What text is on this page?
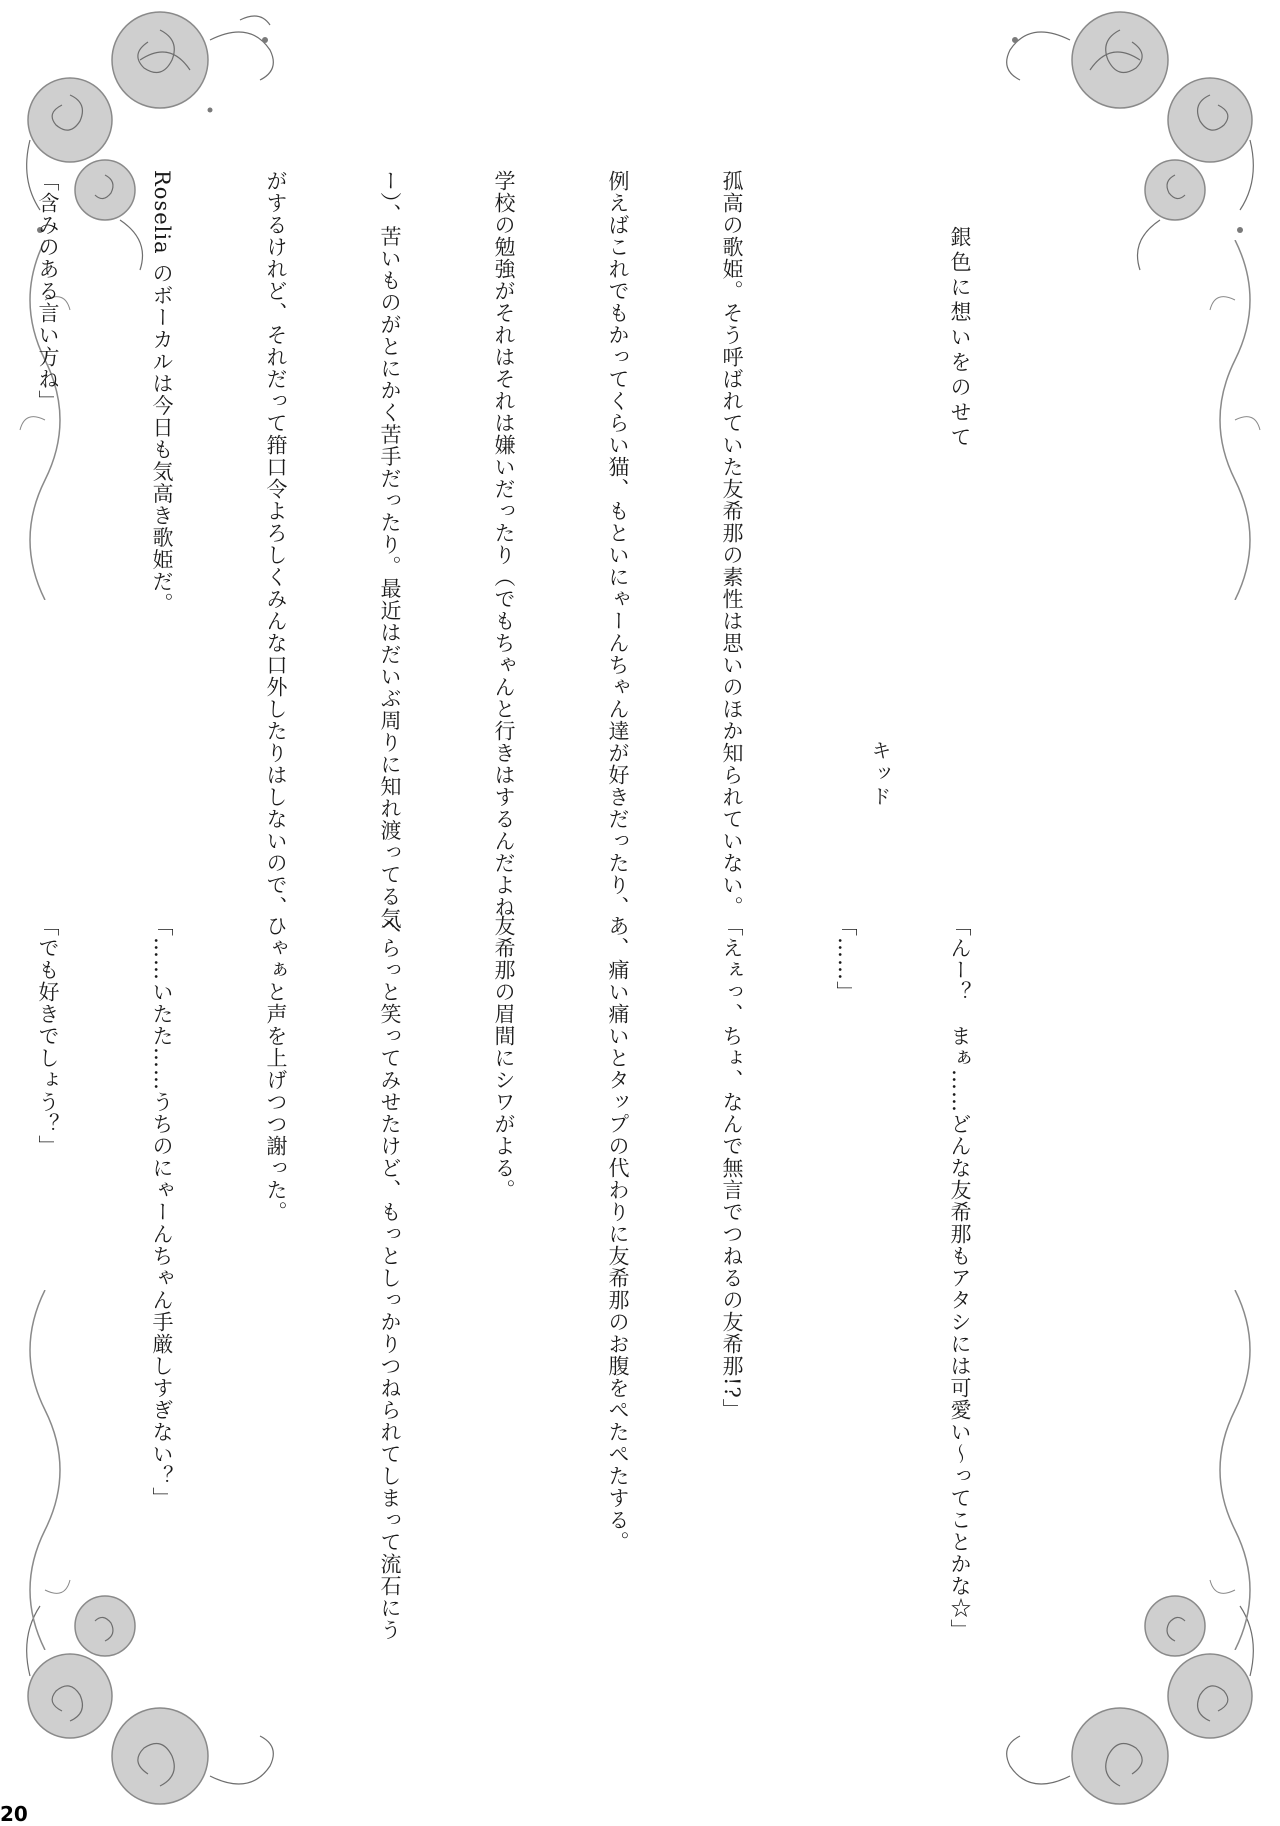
銀色に想いをのせて

孤高の歌姫。そう呼ばれていた友希那の素性は思いのほか知られていない。

例えばこれでもかってくらい猫、もといにゃーんちゃん達が好きだったり、

学校の勉強がそれはそれは嫌いだったり（でもちゃんと行きはするんだよね

ー）、苦いものがとにかく苦手だったり。最近はだいぶ周りに知れ渡ってる気

がするけれど、それだって箝口令よろしくみんな口外したりはしないので、

Roselia のボーカルは今日も気高き歌姫だ。

「含みのある言い方ね」

キッド

「んー？　まぁ……どんな友希那もアタシには可愛い〜ってことかな☆」

「……」

「えぇっ、ちょ、なんで無言でつねるの友希那!?」

あ、痛い痛いとタップの代わりに友希那のお腹をぺたぺたする。

友希那の眉間にシワがよる。

へらっと笑ってみせたけど、もっとしっかりつねられてしまって流石にう

ひゃぁと声を上げつつ謝った。

「……いたた……うちのにゃーんちゃん手厳しすぎない？」

「でも好きでしょう？」

20
